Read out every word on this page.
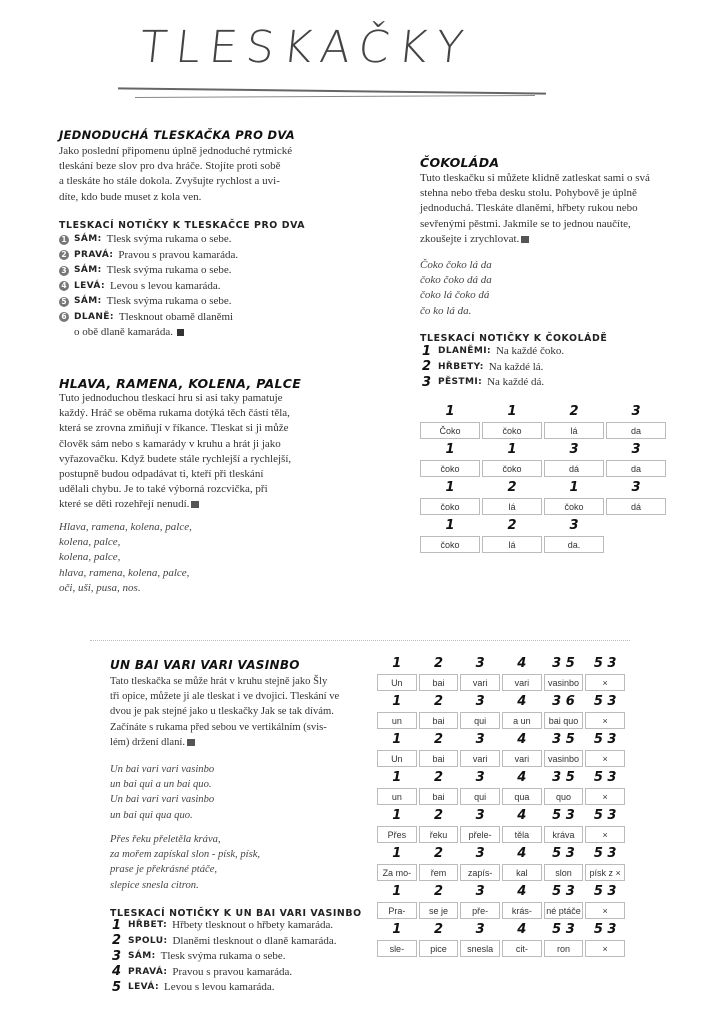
TLESKAČKY
JEDNODUCHÁ TLESKAČKA PRO DVA
Jako poslední připomenu úplně jednoduché rytmické
tleskání beze slov pro dva hráče. Stojíte proti sobě
a tleskáte ho stále dokola. Zvyšujte rychlost a uvi-
díte, kdo bude muset z kola ven.
TLESKACÍ NOTIČKY K TLESKAČCE PRO DVA
1 SÁM: Tlesk svýma rukama o sebe.
2 PRAVÁ: Pravou s pravou kamaráda.
3 SÁM: Tlesk svýma rukama o sebe.
4 LEVÁ: Levou s levou kamaráda.
5 SÁM: Tlesk svýma rukama o sebe.
6 DLANĚ: Tlesknout obamě dlaněmi
o obě dlaně kamaráda.
ČOKOLÁDA
Tuto tleskačku si můžete klidně zatleskat sami o svá
stehna nebo třeba desku stolu. Pohybově je úplně
jednoduchá. Tleskáte dlaněmi, hřbety rukou nebo
sevřenými pěstmi. Jakmile se to jednou naučíte,
zkoušejte i zrychlovat.
Čoko čoko lá da
čoko čoko dá da
čoko lá čoko dá
čo ko lá da.
TLESKACÍ NOTIČKY K ČOKOLÁDĚ
1 DLANĚMI: Na každé čoko.
2 HŘBETY: Na každé lá.
3 PĚSTMI: Na každé dá.
1	1	2	3
Čoko	čoko	lá	da
1	1	3	3
čoko	čoko	dá	da
1	2	1	3
čoko	lá	čoko	dá
1	2	3
čoko	lá	da.
HLAVA, RAMENA, KOLENA, PALCE
Tuto jednoduchou tleskací hru si asi taky pamatuje
každý. Hráč se oběma rukama dotýká těch částí těla,
která se zrovna zmiňují v říkance. Tleskat si ji může
člověk sám nebo s kamarády v kruhu a hrát ji jako
vyřazovačku. Když budete stále rychlejší a rychlejší,
postupně budou odpadávat ti, kteří při tleskání
udělali chybu. Je to také výborná rozcvička, při
které se děti rozehřejí nenudí.
Hlava, ramena, kolena, palce,
kolena, palce,
kolena, palce,
hlava, ramena, kolena, palce,
oči, uši, pusa, nos.
UN BAI VARI VARI VASINBO
Tato tleskačka se může hrát v kruhu stejně jako Šly
tři opice, můžete ji ale tleskat i ve dvojici. Tleskání ve
dvou je pak stejné jako u tleskačky Jak se tak dívám.
Začínáte s rukama před sebou ve vertikálním (svis-
lém) držení dlaní.
Un bai vari vari vasinbo
un bai qui a un bai quo.
Un bai vari vari vasinbo
un bai qui qua quo.
Přes řeku přeletěla kráva,
za mořem zapískal slon - písk, písk,
prase je překrásné ptáče,
slepice snesla citron.
TLESKACÍ NOTIČKY K UN BAI VARI VASINBO
1 HŘBET: Hřbety tlesknout o hřbety kamaráda.
2 SPOLU: Dlaněmi tlesknout o dlaně kamaráda.
3 SÁM: Tlesk svýma rukama o sebe.
4 PRAVÁ: Pravou s pravou kamaráda.
5 LEVÁ: Levou s levou kamaráda.
1	2	3	4	3 5	5 3
Un	bai	vari	vari	vasinbo	×
1	2	3	4	3 6	5 3
un	bai	qui	a un	bai quo	×
1	2	3	4	3 5	5 3
Un	bai	vari	vari	vasinbo	×
1	2	3	4	3 5	5 3
un	bai	qui	qua	quo	×
1	2	3	4	5 3	5 3
Přes	řeku	přele-	těla	kráva	×
1	2	3	4	5 3	5 3
Za mo-	řem	zapís-	kal	slon	písk z ×
1	2	3	4	5 3	5 3
Pra-	se je	pře-	krás-	né ptáče	×
1	2	3	4	5 3	5 3
sle-	pice	snesla	cit-	ron	×
